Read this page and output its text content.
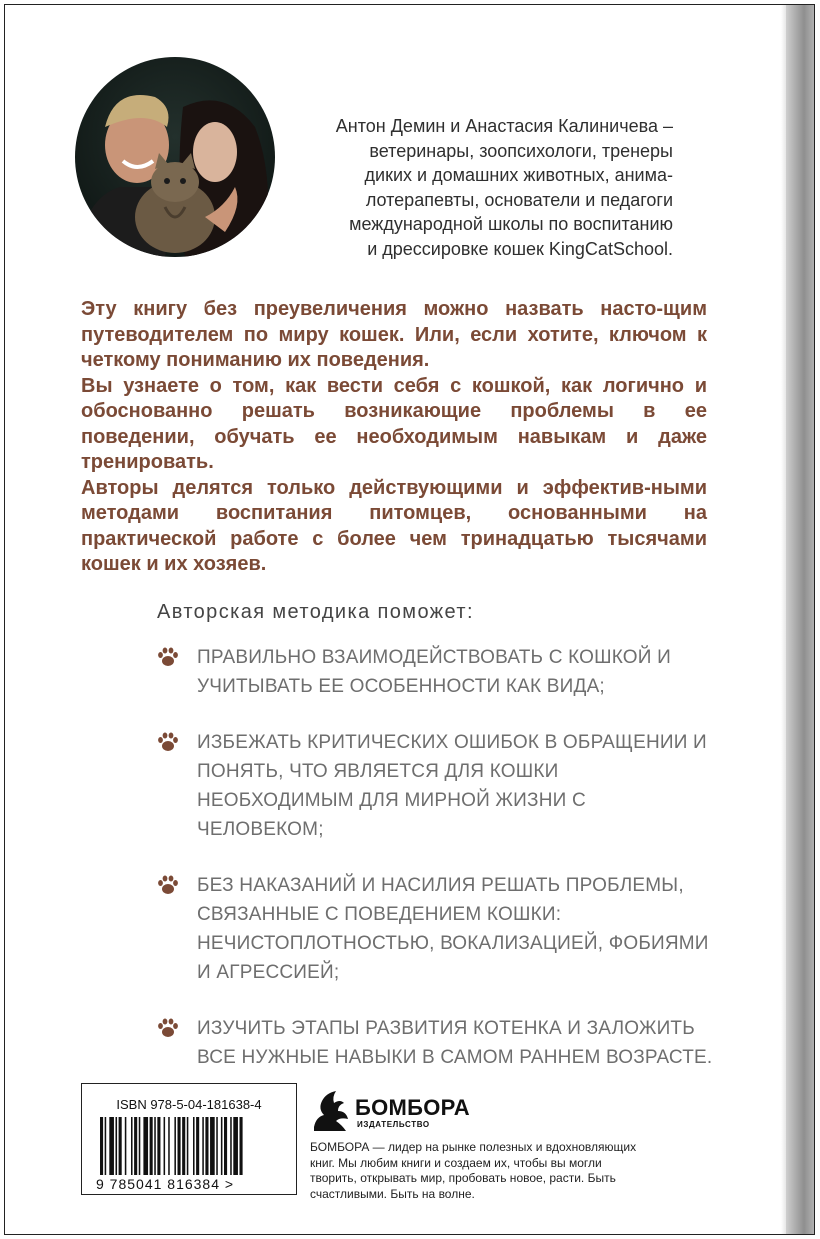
Антон Демин и Анастасия Калиничева –
ветеринары, зоопсихологи, тренеры
диких и домашних животных, анима-
лотерапевты, основатели и педагоги
международной школы по воспитанию
и дрессировке кошек KingCatSchool.

Эту книгу без преувеличения можно назвать насто-щим путеводителем по миру кошек. Или, если хотите, ключом к четкому пониманию их поведения.

Вы узнаете о том, как вести себя с кошкой, как логично и обоснованно решать возникающие проблемы в ее поведении, обучать ее необходимым навыкам и даже тренировать.

Авторы делятся только действующими и эффектив-ными методами воспитания питомцев, основанными на практической работе с более чем тринадцатью тысячами кошек и их хозяев.

Авторская методика поможет:
ПРАВИЛЬНО ВЗАИМОДЕЙСТВОВАТЬ С КОШКОЙ И УЧИТЫВАТЬ ЕЕ ОСОБЕННОСТИ КАК ВИДА;
ИЗБЕЖАТЬ КРИТИЧЕСКИХ ОШИБОК В ОБРАЩЕНИИ И ПОНЯТЬ, ЧТО ЯВЛЯЕТСЯ ДЛЯ КОШКИ НЕОБХОДИМЫМ ДЛЯ МИРНОЙ ЖИЗНИ С ЧЕЛОВЕКОМ;
БЕЗ НАКАЗАНИЙ И НАСИЛИЯ РЕШАТЬ ПРОБЛЕМЫ, СВЯЗАННЫЕ С ПОВЕДЕНИЕМ КОШКИ: НЕЧИСТОПЛОТНОСТЬЮ, ВОКАЛИЗАЦИЕЙ, ФОБИЯМИ И АГРЕССИЕЙ;
ИЗУЧИТЬ ЭТАПЫ РАЗВИТИЯ КОТЕНКА И ЗАЛОЖИТЬ ВСЕ НУЖНЫЕ НАВЫКИ В САМОМ РАННЕМ ВОЗРАСТЕ.
ISBN 978-5-04-181638-4
9 785041 816384 >
БОМБОРА
ИЗДАТЕЛЬСТВО
БОМБОРА — лидер на рынке полезных и вдохновляющих книг. Мы любим книги и создаем их, чтобы вы могли творить, открывать мир, пробовать новое, расти. Быть счастливыми. Быть на волне.
